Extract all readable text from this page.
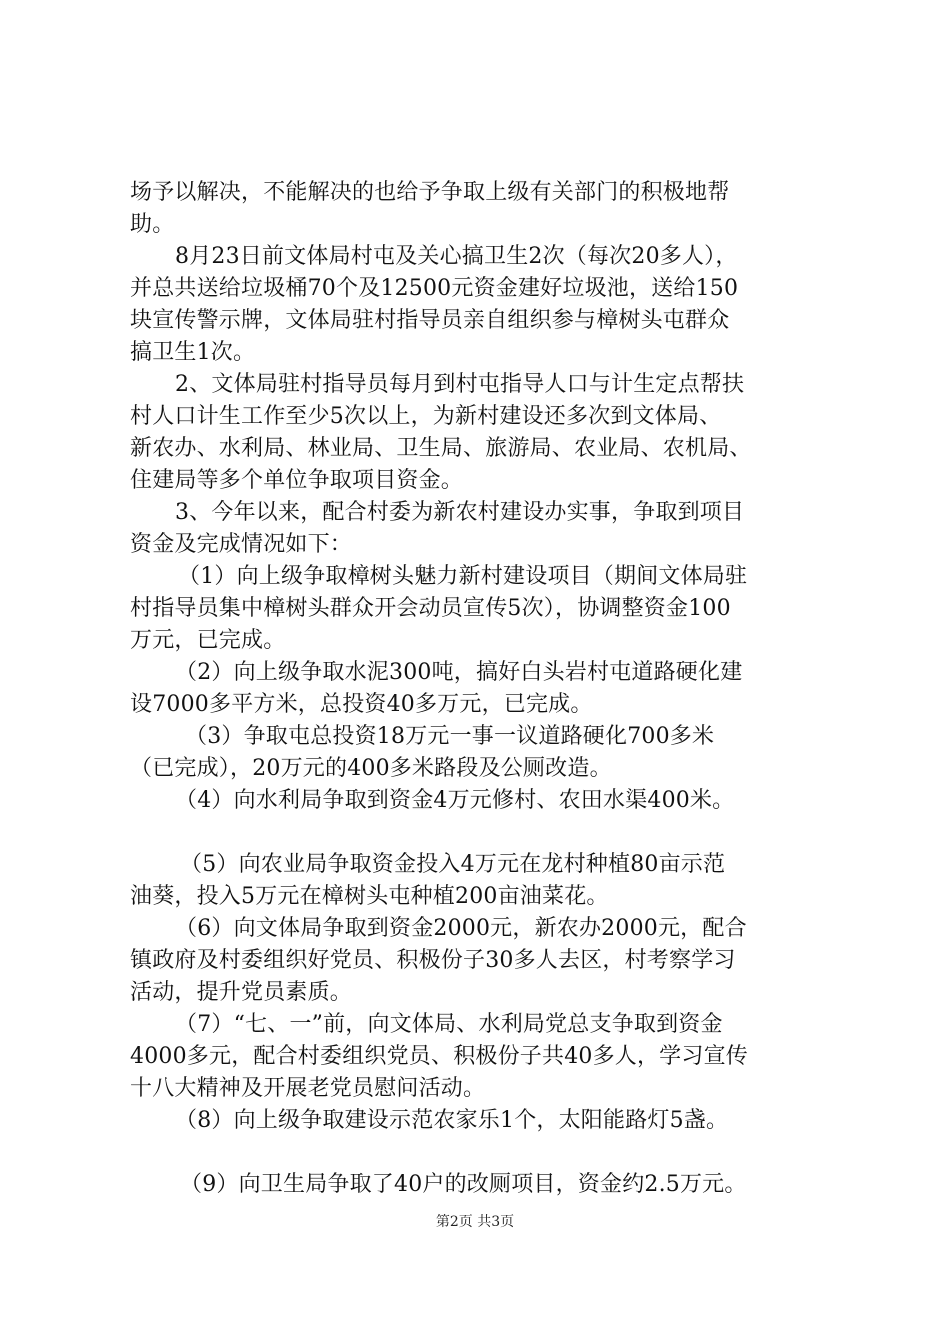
场予以解决，不能解决的也给予争取上级有关部门的积极地帮
助。
8月23日前文体局村屯及关心搞卫生2次（每次20多人），
并总共送给垃圾桶70个及12500元资金建好垃圾池，送给150
块宣传警示牌，文体局驻村指导员亲自组织参与樟树头屯群众
搞卫生1次。
2、文体局驻村指导员每月到村屯指导人口与计生定点帮扶
村人口计生工作至少5次以上，为新村建设还多次到文体局、
新农办、水利局、林业局、卫生局、旅游局、农业局、农机局、
住建局等多个单位争取项目资金。
3、今年以来，配合村委为新农村建设办实事，争取到项目
资金及完成情况如下：
（1）向上级争取樟树头魅力新村建设项目（期间文体局驻
村指导员集中樟树头群众开会动员宣传5次），协调整资金100
万元，已完成。
（2）向上级争取水泥300吨，搞好白头岩村屯道路硬化建
设7000多平方米，总投资40多万元，已完成。
（3）争取屯总投资18万元一事一议道路硬化700多米
（已完成），20万元的400多米路段及公厕改造。
（4）向水利局争取到资金4万元修村、农田水渠400米。
（5）向农业局争取资金投入4万元在龙村种植80亩示范
油葵，投入5万元在樟树头屯种植200亩油菜花。
（6）向文体局争取到资金2000元，新农办2000元，配合
镇政府及村委组织好党员、积极份子30多人去区，村考察学习
活动，提升党员素质。
（7）“七、一”前，向文体局、水利局党总支争取到资金
4000多元，配合村委组织党员、积极份子共40多人，学习宣传
十八大精神及开展老党员慰问活动。
（8）向上级争取建设示范农家乐1个，太阳能路灯5盏。
（9）向卫生局争取了40户的改厕项目，资金约2.5万元。
第2页 共3页
